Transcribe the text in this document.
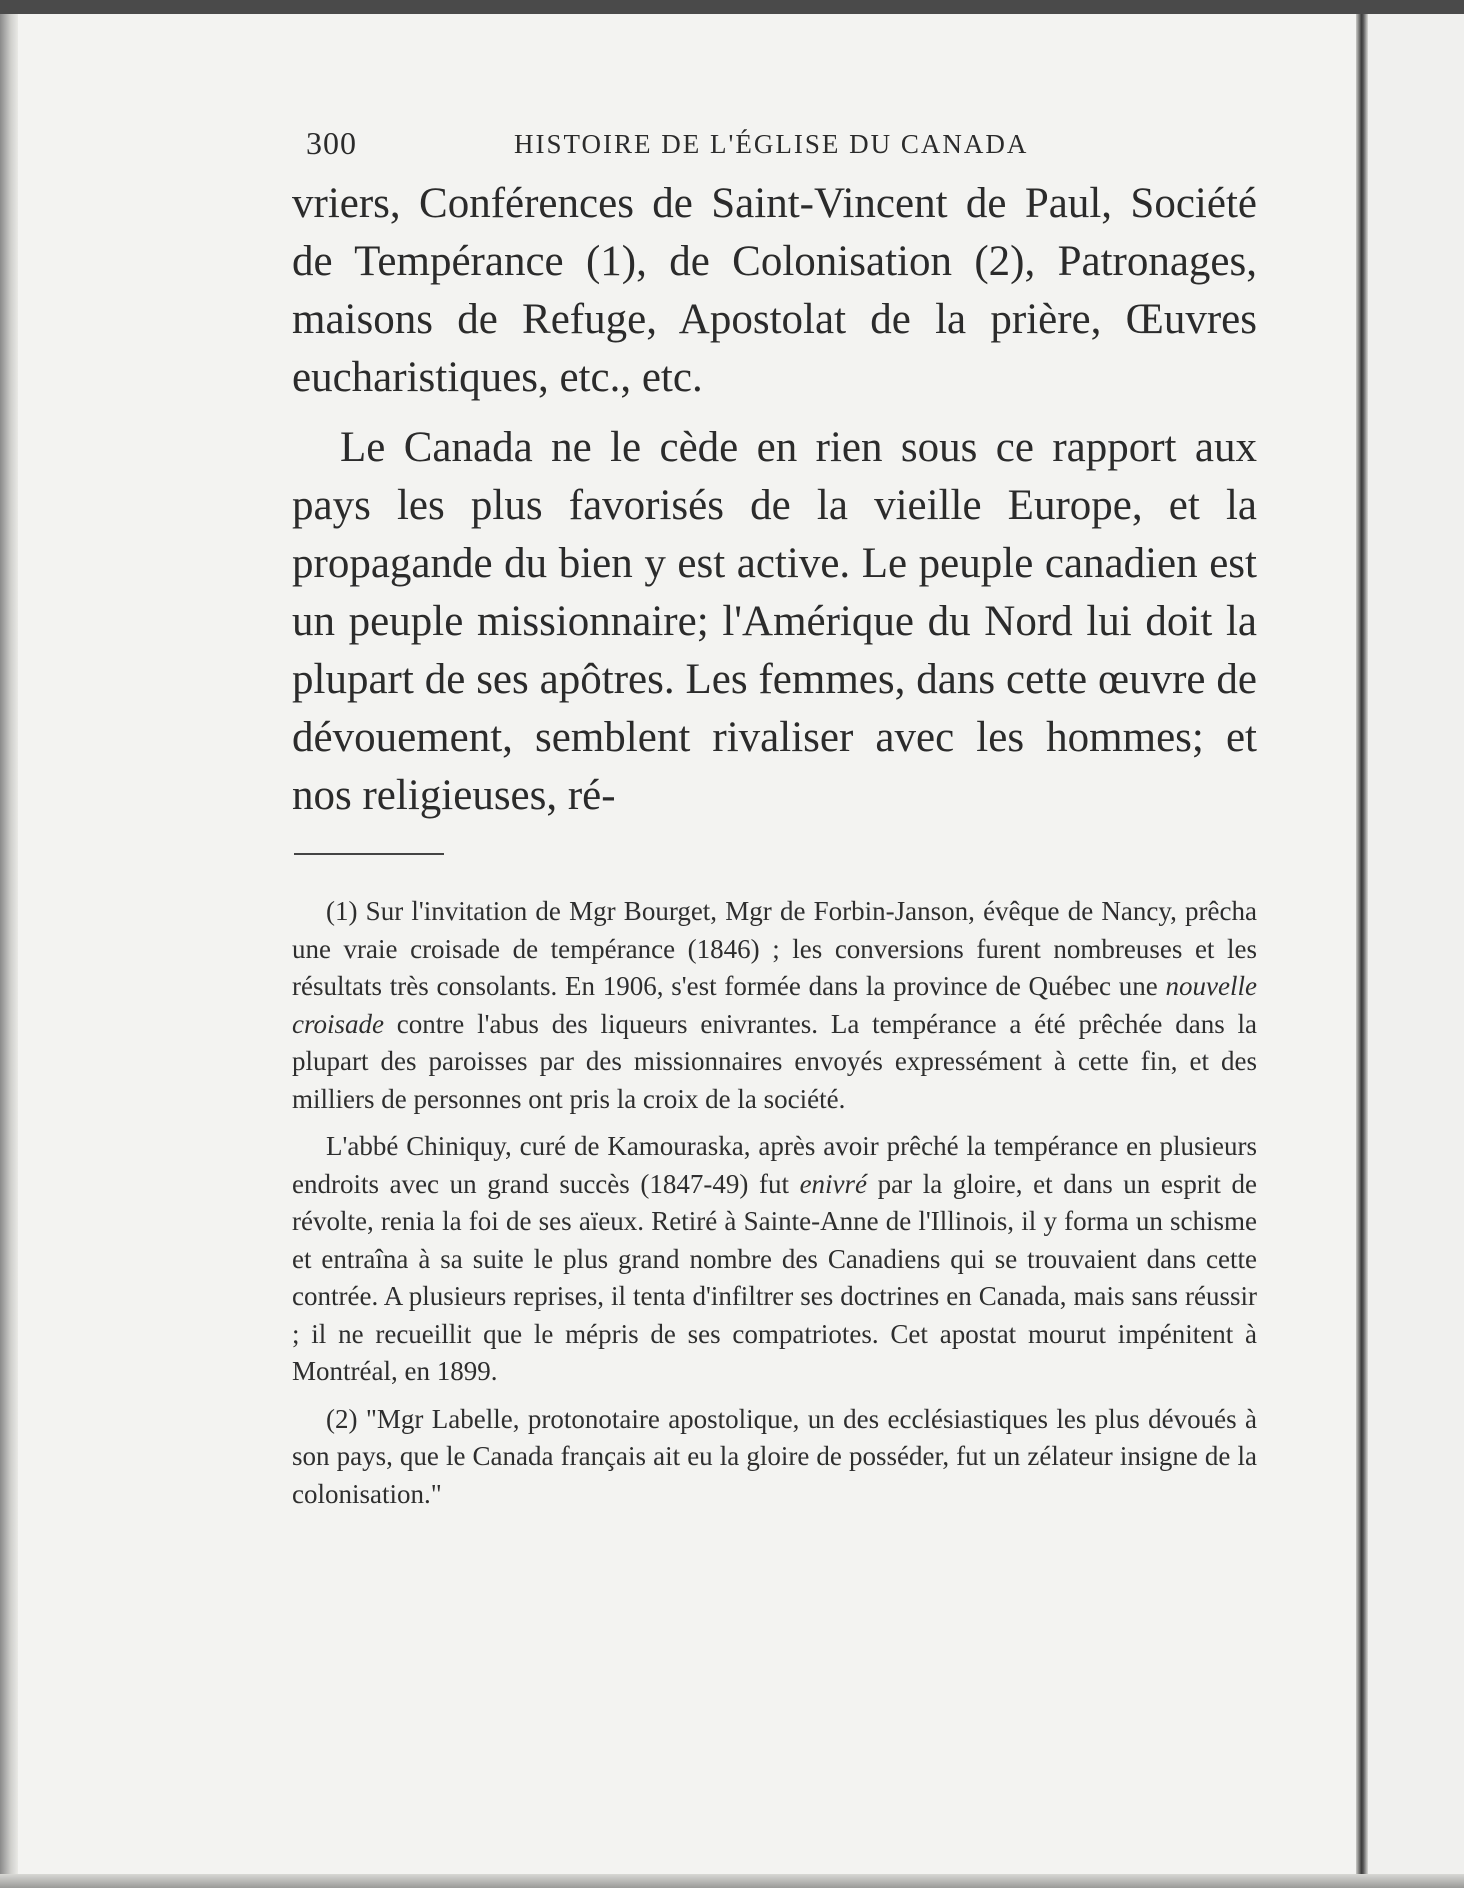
300	HISTOIRE DE L'ÉGLISE DU CANADA

vriers, Conférences de Saint-Vincent de Paul, Société de Tempérance (1), de Colonisation (2), Patronages, maisons de Refuge, Apostolat de la prière, Œuvres eucharistiques, etc., etc.

Le Canada ne le cède en rien sous ce rapport aux pays les plus favorisés de la vieille Europe, et la propagande du bien y est active. Le peuple canadien est un peuple missionnaire; l'Amérique du Nord lui doit la plupart de ses apôtres. Les femmes, dans cette œuvre de dévouement, semblent rivaliser avec les hommes; et nos religieuses, ré-

(1) Sur l'invitation de Mgr Bourget, Mgr de Forbin-Janson, évêque de Nancy, prêcha une vraie croisade de tempérance (1846) ; les conversions furent nombreuses et les résultats très consolants. En 1906, s'est formée dans la province de Québec une nouvelle croisade contre l'abus des liqueurs enivrantes. La tempérance a été prêchée dans la plupart des paroisses par des missionnaires envoyés expressément à cette fin, et des milliers de personnes ont pris la croix de la société.

L'abbé Chiniquy, curé de Kamouraska, après avoir prêché la tempérance en plusieurs endroits avec un grand succès (1847-49) fut enivré par la gloire, et dans un esprit de révolte, renia la foi de ses aïeux. Retiré à Sainte-Anne de l'Illinois, il y forma un schisme et entraîna à sa suite le plus grand nombre des Canadiens qui se trouvaient dans cette contrée. A plusieurs reprises, il tenta d'infiltrer ses doctrines en Canada, mais sans réussir ; il ne recueillit que le mépris de ses compatriotes. Cet apostat mourut impénitent à Montréal, en 1899.

(2) "Mgr Labelle, protonotaire apostolique, un des ecclésiastiques les plus dévoués à son pays, que le Canada français ait eu la gloire de posséder, fut un zélateur insigne de la colonisation."
